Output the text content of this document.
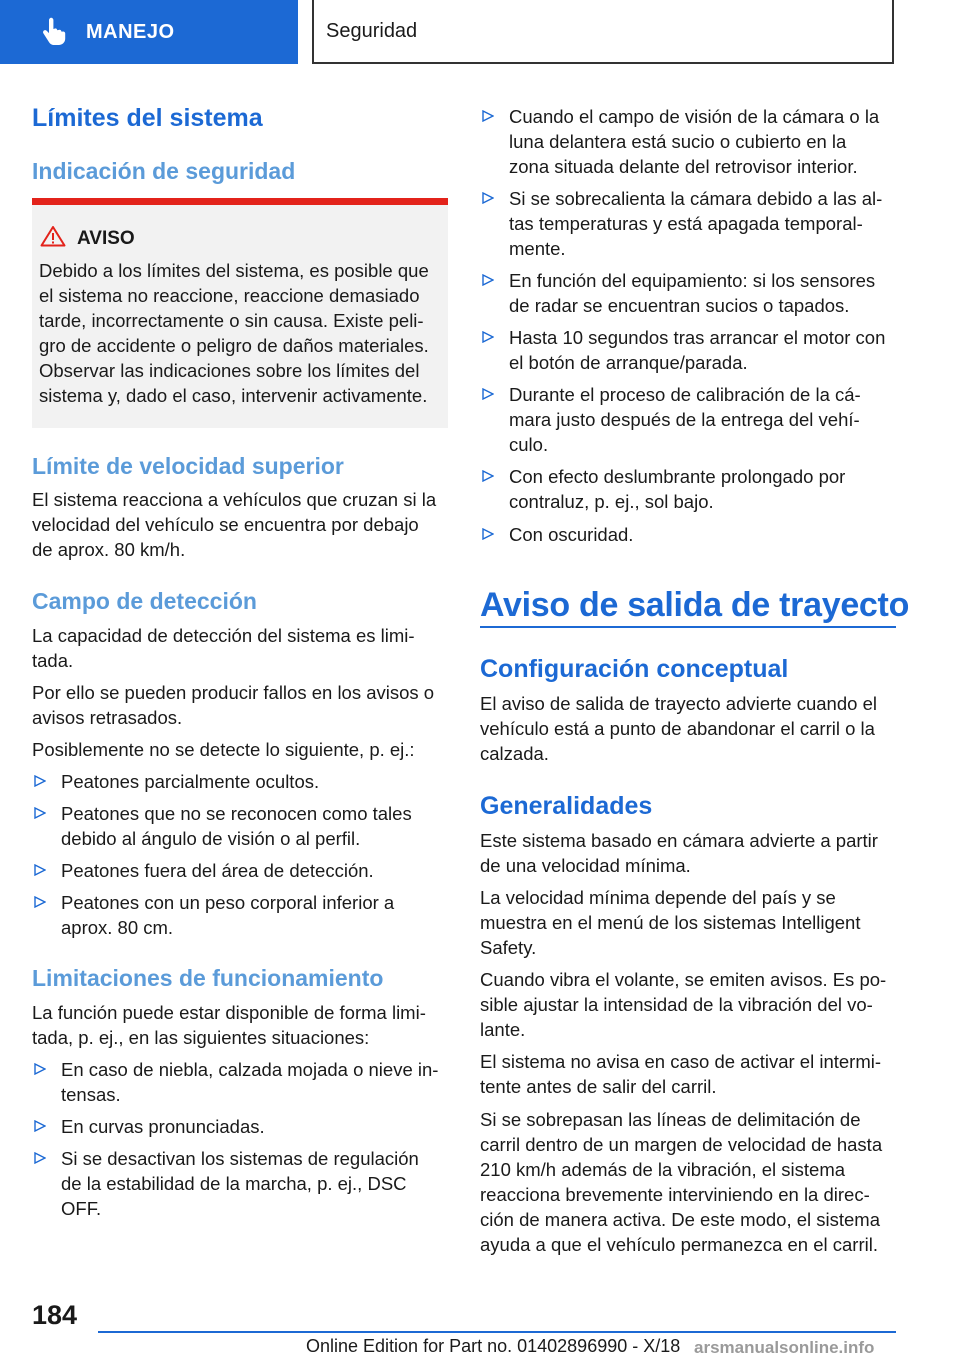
MANEJO	Seguridad
Límites del sistema
Indicación de seguridad
AVISO
Debido a los límites del sistema, es posible que
el sistema no reaccione, reaccione demasiado
tarde, incorrectamente o sin causa. Existe peli-
gro de accidente o peligro de daños materiales.
Observar las indicaciones sobre los límites del
sistema y, dado el caso, intervenir activamente.
Límite de velocidad superior
El sistema reacciona a vehículos que cruzan si la
velocidad del vehículo se encuentra por debajo
de aprox. 80 km/h.
Campo de detección
La capacidad de detección del sistema es limi-
tada.
Por ello se pueden producir fallos en los avisos o
avisos retrasados.
Posiblemente no se detecte lo siguiente, p. ej.:
Peatones parcialmente ocultos.
Peatones que no se reconocen como tales
debido al ángulo de visión o al perfil.
Peatones fuera del área de detección.
Peatones con un peso corporal inferior a
aprox. 80 cm.
Limitaciones de funcionamiento
La función puede estar disponible de forma limi-
tada, p. ej., en las siguientes situaciones:
En caso de niebla, calzada mojada o nieve in-
tensas.
En curvas pronunciadas.
Si se desactivan los sistemas de regulación
de la estabilidad de la marcha, p. ej., DSC
OFF.
Cuando el campo de visión de la cámara o la
luna delantera está sucio o cubierto en la
zona situada delante del retrovisor interior.
Si se sobrecalienta la cámara debido a las al-
tas temperaturas y está apagada temporal-
mente.
En función del equipamiento: si los sensores
de radar se encuentran sucios o tapados.
Hasta 10 segundos tras arrancar el motor con
el botón de arranque/parada.
Durante el proceso de calibración de la cá-
mara justo después de la entrega del vehí-
culo.
Con efecto deslumbrante prolongado por
contraluz, p. ej., sol bajo.
Con oscuridad.
Aviso de salida de trayecto
Configuración conceptual
El aviso de salida de trayecto advierte cuando el
vehículo está a punto de abandonar el carril o la
calzada.
Generalidades
Este sistema basado en cámara advierte a partir
de una velocidad mínima.
La velocidad mínima depende del país y se
muestra en el menú de los sistemas Intelligent
Safety.
Cuando vibra el volante, se emiten avisos. Es po-
sible ajustar la intensidad de la vibración del vo-
lante.
El sistema no avisa en caso de activar el intermi-
tente antes de salir del carril.
Si se sobrepasan las líneas de delimitación de
carril dentro de un margen de velocidad de hasta
210 km/h además de la vibración, el sistema
reacciona brevemente interviniendo en la direc-
ción de manera activa. De este modo, el sistema
ayuda a que el vehículo permanezca en el carril.
184
Online Edition for Part no. 01402896990 - X/18 arsmanualsonline.info
